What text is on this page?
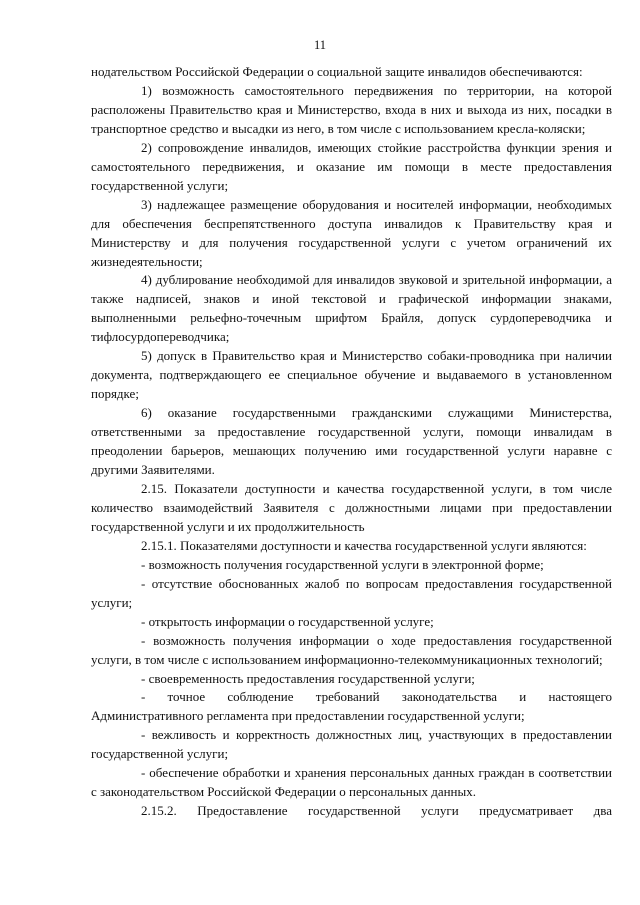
11

нодательством Российской Федерации о социальной защите инвалидов обеспечиваются:

1) возможность самостоятельного передвижения по территории, на которой расположены Правительство края и Министерство, входа в них и выхода из них, посадки в транспортное средство и высадки из него, в том числе с использованием кресла-коляски;

2) сопровождение инвалидов, имеющих стойкие расстройства функции зрения и самостоятельного передвижения, и оказание им помощи в месте предоставления государственной услуги;

3) надлежащее размещение оборудования и носителей информации, необходимых для обеспечения беспрепятственного доступа инвалидов к Правительству края и Министерству и для получения государственной услуги с учетом ограничений их жизнедеятельности;

4) дублирование необходимой для инвалидов звуковой и зрительной информации, а также надписей, знаков и иной текстовой и графической информации знаками, выполненными рельефно-точечным шрифтом Брайля, допуск сурдопереводчика и тифлосурдопереводчика;

5) допуск в Правительство края и Министерство собаки-проводника при наличии документа, подтверждающего ее специальное обучение и выдаваемого в установленном порядке;

6) оказание государственными гражданскими служащими Министерства, ответственными за предоставление государственной услуги, помощи инвалидам в преодолении барьеров, мешающих получению ими государственной услуги наравне с другими Заявителями.

2.15. Показатели доступности и качества государственной услуги, в том числе количество взаимодействий Заявителя с должностными лицами при предоставлении государственной услуги и их продолжительность

2.15.1. Показателями доступности и качества государственной услуги являются:

- возможность получения государственной услуги в электронной форме;

- отсутствие обоснованных жалоб по вопросам предоставления государственной услуги;

- открытость информации о государственной услуге;

- возможность получения информации о ходе предоставления государственной услуги, в том числе с использованием информационно-телекоммуникационных технологий;

- своевременность предоставления государственной услуги;

- точное соблюдение требований законодательства и настоящего Административного регламента при предоставлении государственной услуги;

- вежливость и корректность должностных лиц, участвующих в предоставлении государственной услуги;

- обеспечение обработки и хранения персональных данных граждан в соответствии с законодательством Российской Федерации о персональных данных.

2.15.2. Предоставление государственной услуги предусматривает два
